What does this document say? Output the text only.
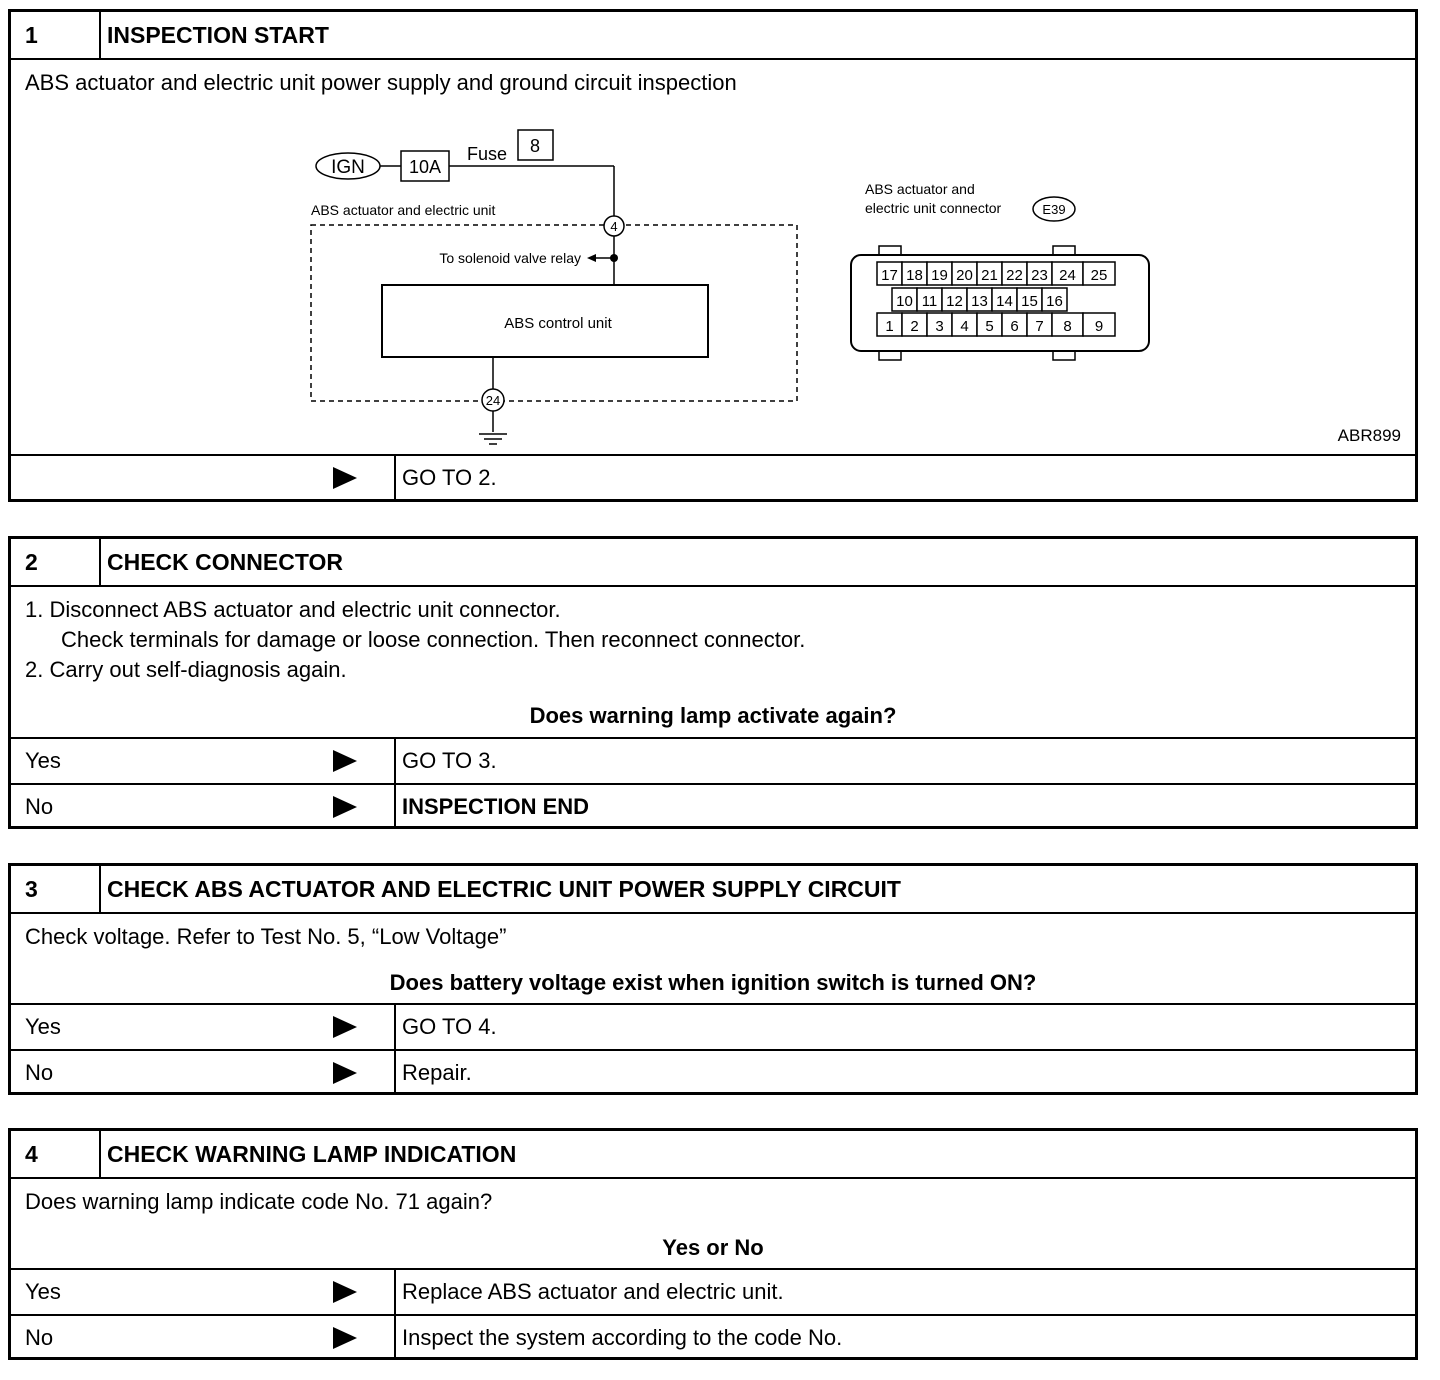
1	INSPECTION START
ABS actuator and electric unit power supply and ground circuit inspection
IGN 10A
Fuse 8
ABS actuator and electric unit
4
To solenoid valve relay
ABS control unit
24
ABS actuator and
electric unit connector	E39
17 18 19 20 21 22 23 24 25
10 11 12 13 14 15 16
1 2 3 4 5 6 7 8 9
ABR899
GO TO 2.
2	CHECK CONNECTOR
1. Disconnect ABS actuator and electric unit connector.
Check terminals for damage or loose connection. Then reconnect connector.
2. Carry out self-diagnosis again.
Does warning lamp activate again?
Yes	GO TO 3.
No	INSPECTION END
3	CHECK ABS ACTUATOR AND ELECTRIC UNIT POWER SUPPLY CIRCUIT
Check voltage. Refer to Test No. 5, “Low Voltage”
Does battery voltage exist when ignition switch is turned ON?
Yes	GO TO 4.
No	Repair.
4	CHECK WARNING LAMP INDICATION
Does warning lamp indicate code No. 71 again?
Yes or No
Yes	Replace ABS actuator and electric unit.
No	Inspect the system according to the code No.
